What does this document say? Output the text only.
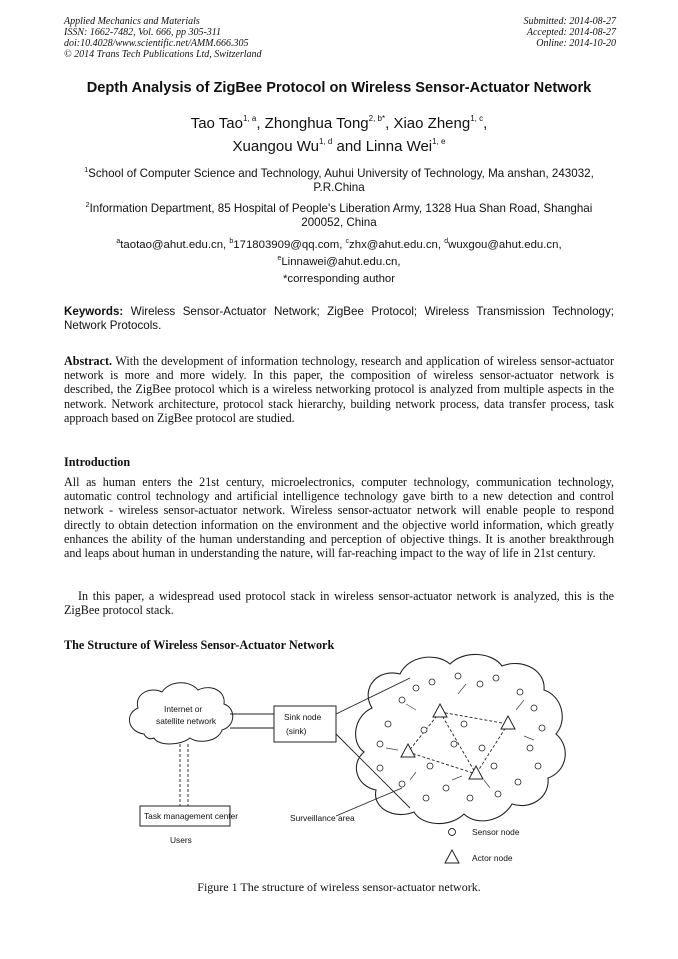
Applied Mechanics and Materials
ISSN: 1662-7482, Vol. 666, pp 305-311
doi:10.4028/www.scientific.net/AMM.666.305
© 2014 Trans Tech Publications Ltd, Switzerland
Submitted: 2014-08-27
Accepted: 2014-08-27
Online: 2014-10-20
Depth Analysis of ZigBee Protocol on Wireless Sensor-Actuator Network
Tao Tao$^{1, a}$, Zhonghua Tong$^{2, b*}$, Xiao Zheng$^{1, c}$,
Xuangou Wu$^{1, d}$ and Linna Wei$^{1, e}$
$^1$School of Computer Science and Technology, Auhui University of Technology, Ma anshan, 243032, P.R.China
$^2$Information Department, 85 Hospital of People's Liberation Army, 1328 Hua Shan Road, Shanghai 200052, China
$^a$taotao@ahut.edu.cn, $^b$171803909@qq.com, $^c$zhx@ahut.edu.cn, $^d$wuxgou@ahut.edu.cn,
$^e$Linnawei@ahut.edu.cn,
*corresponding author
Keywords: Wireless Sensor-Actuator Network; ZigBee Protocol; Wireless Transmission Technology; Network Protocols.
Abstract. With the development of information technology, research and application of wireless sensor-actuator network is more and more widely. In this paper, the composition of wireless sensor-actuator network is described, the ZigBee protocol which is a wireless networking protocol is analyzed from multiple aspects in the network. Network architecture, protocol stack hierarchy, building network process, data transfer process, task approach based on ZigBee protocol are studied.
Introduction
All as human enters the 21st century, microelectronics, computer technology, communication technology, automatic control technology and artificial intelligence technology gave birth to a new detection and control network - wireless sensor-actuator network. Wireless sensor-actuator network will enable people to respond directly to obtain detection information on the environment and the objective world information, which greatly enhances the ability of the human understanding and perception of objective things. It is another breakthrough and leaps about human in understanding the nature, will far-reaching impact to the way of life in 21st century.
In this paper, a widespread used protocol stack in wireless sensor-actuator network is analyzed, this is the ZigBee protocol stack.
The Structure of Wireless Sensor-Actuator Network
Internet or
satellite network	Sink node
(sink)
Task management center
Users
Surveillance area
Sensor node
Actor node
Figure 1 The structure of wireless sensor-actuator network.
